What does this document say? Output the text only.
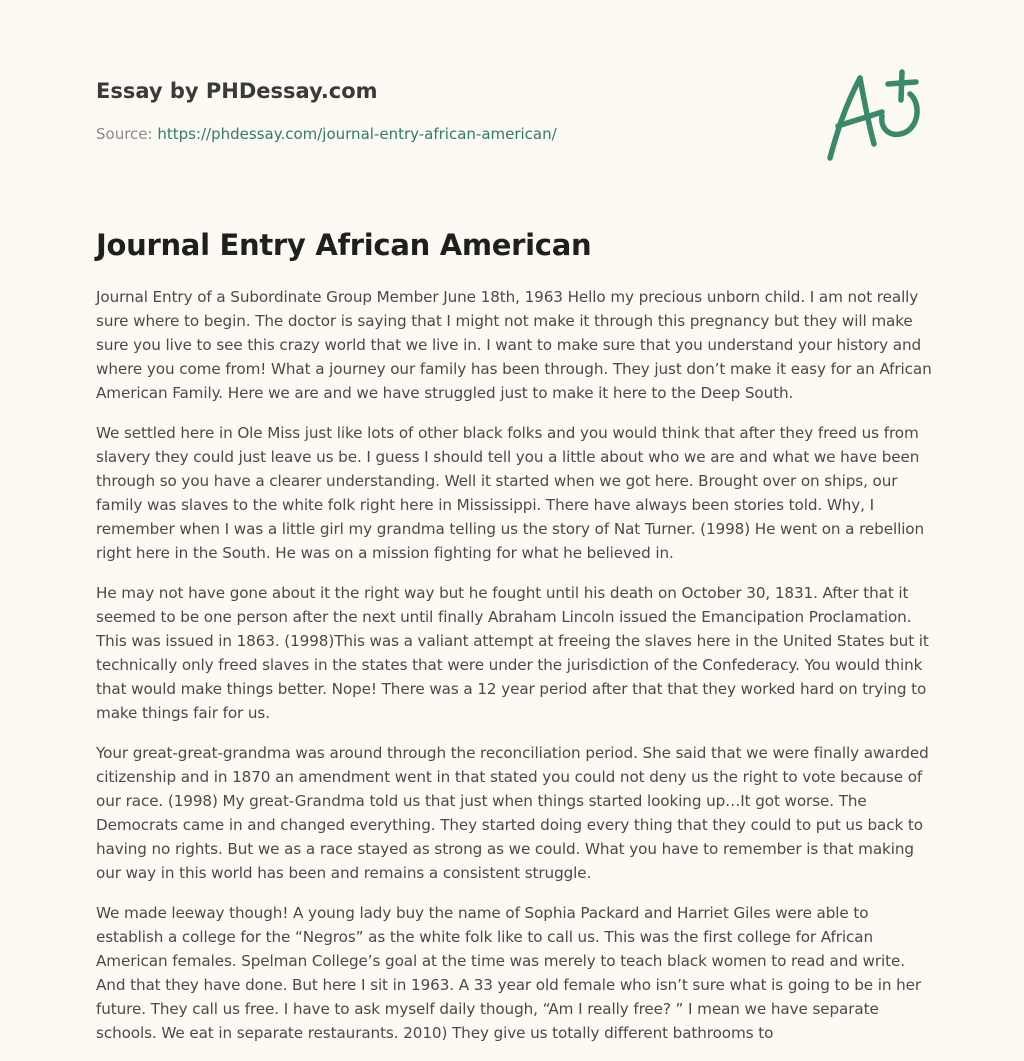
Essay by PHDessay.com
Source: https://phdessay.com/journal-entry-african-american/
Journal Entry African American

Journal Entry of a Subordinate Group Member June 18th, 1963 Hello my precious unborn child. I am not really sure where to begin. The doctor is saying that I might not make it through this pregnancy but they will make sure you live to see this crazy world that we live in. I want to make sure that you understand your history and where you come from! What a journey our family has been through. They just don’t make it easy for an African American Family. Here we are and we have struggled just to make it here to the Deep South.

We settled here in Ole Miss just like lots of other black folks and you would think that after they freed us from slavery they could just leave us be. I guess I should tell you a little about who we are and what we have been through so you have a clearer understanding. Well it started when we got here. Brought over on ships, our family was slaves to the white folk right here in Mississippi. There have always been stories told. Why, I remember when I was a little girl my grandma telling us the story of Nat Turner. (1998) He went on a rebellion right here in the South. He was on a mission fighting for what he believed in.

He may not have gone about it the right way but he fought until his death on October 30, 1831. After that it seemed to be one person after the next until finally Abraham Lincoln issued the Emancipation Proclamation. This was issued in 1863. (1998)This was a valiant attempt at freeing the slaves here in the United States but it technically only freed slaves in the states that were under the jurisdiction of the Confederacy. You would think that would make things better. Nope! There was a 12 year period after that that they worked hard on trying to make things fair for us.

Your great-great-grandma was around through the reconciliation period. She said that we were finally awarded citizenship and in 1870 an amendment went in that stated you could not deny us the right to vote because of our race. (1998) My great-Grandma told us that just when things started looking up…It got worse. The Democrats came in and changed everything. They started doing every thing that they could to put us back to having no rights. But we as a race stayed as strong as we could. What you have to remember is that making our way in this world has been and remains a consistent struggle.

We made leeway though! A young lady buy the name of Sophia Packard and Harriet Giles were able to establish a college for the “Negros” as the white folk like to call us. This was the first college for African American females. Spelman College’s goal at the time was merely to teach black women to read and write. And that they have done. But here I sit in 1963. A 33 year old female who isn’t sure what is going to be in her future. They call us free. I have to ask myself daily though, “Am I really free? ” I mean we have separate schools. We eat in separate restaurants. 2010) They give us totally different bathrooms to
